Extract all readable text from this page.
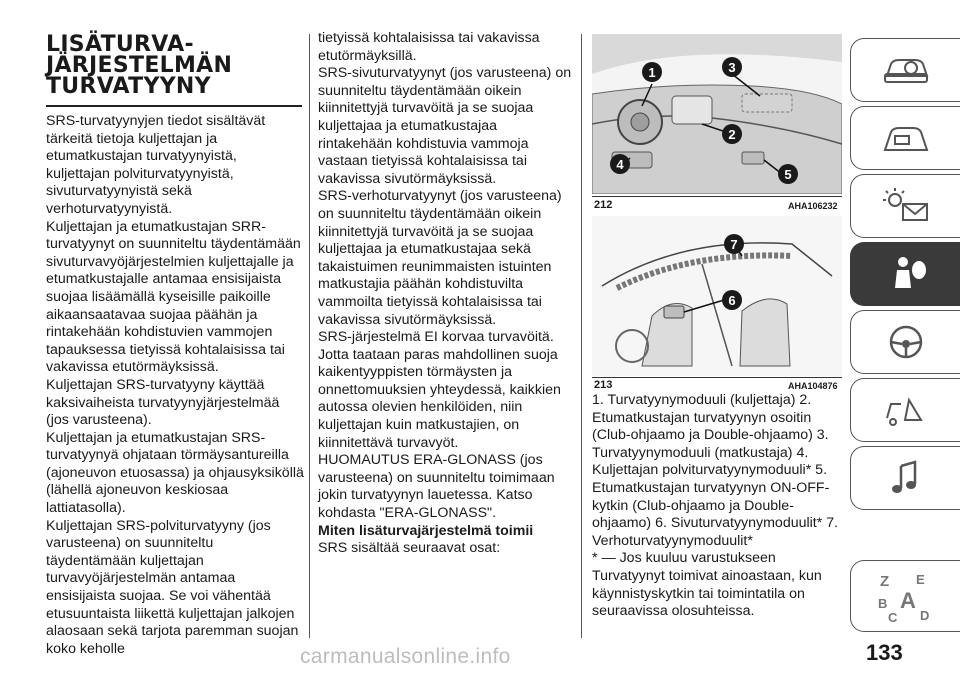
LISÄTURVA-
JÄRJESTELMÄN
TURVATYYNY

SRS-turvatyynyjen tiedot sisältävät tärkeitä tietoja kuljettajan ja etumatkustajan turvatyynyistä, kuljettajan polviturvatyynyistä, sivuturvatyynyistä sekä verhoturvatyynyistä.

Kuljettajan ja etumatkustajan SRR-turvatyynyt on suunniteltu täydentämään sivuturvavyöjärjestelmien kuljettajalle ja etumatkustajalle antamaa ensisijaista suojaa lisäämällä kyseisille paikoille aikaansaatavaa suojaa päähän ja rintakehään kohdistuvien vammojen tapauksessa tietyissä kohtalaisissa tai vakavissa etutörmäyksissä.

Kuljettajan SRS-turvatyyny käyttää kaksivaiheista turvatyynyjärjestelmää (jos varusteena).

Kuljettajan ja etumatkustajan SRS-turvatyynyä ohjataan törmäysantureilla (ajoneuvon etuosassa) ja ohjausyksiköllä (lähellä ajoneuvon keskiosaa lattiatasolla).

Kuljettajan SRS-polviturvatyyny (jos varusteena) on suunniteltu täydentämään kuljettajan turvavyöjärjestelmän antamaa ensisijaista suojaa. Se voi vähentää etusuuntaista liikettä kuljettajan jalkojen alaosaan sekä tarjota paremman suojan koko keholle

tietyissä kohtalaisissa tai vakavissa etutörmäyksillä.

SRS-sivuturvatyynyt (jos varusteena) on suunniteltu täydentämään oikein kiinnitettyjä turvavöitä ja se suojaa kuljettajaa ja etumatkustajaa rintakehään kohdistuvia vammoja vastaan tietyissä kohtalaisissa tai vakavissa sivutörmäyksissä.

SRS-verhoturvatyynyt (jos varusteena) on suunniteltu täydentämään oikein kiinnitettyjä turvavöitä ja se suojaa kuljettajaa ja etumatkustajaa sekä takaistuimen reunimmaisten istuinten matkustajia päähän kohdistuvilta vammoilta tietyissä kohtalaisissa tai vakavissa sivutörmäyksissä.

SRS-järjestelmä EI korvaa turvavöitä. Jotta taataan paras mahdollinen suoja kaikentyyppisten törmäysten ja onnettomuuksien yhteydessä, kaikkien autossa olevien henkilöiden, niin kuljettajan kuin matkustajien, on kiinnitettävä turvavyöt.

HUOMAUTUS ERA-GLONASS (jos varusteena) on suunniteltu toimimaan jokin turvatyynyn lauetessa. Katso kohdasta "ERA-GLONASS".

Miten lisäturvajärjestelmä toimii

SRS sisältää seuraavat osat:

1	3
2
4
5
212	AHA106232
7
6
213	AHA104876

1. Turvatyynymoduuli (kuljettaja) 2. Etumatkustajan turvatyynyn osoitin (Club-ohjaamo ja Double-ohjaamo) 3. Turvatyynymoduuli (matkustaja) 4. Kuljettajan polviturvatyynymoduuli* 5. Etumatkustajan turvatyynyn ON-OFF-kytkin (Club-ohjaamo ja Double-ohjaamo) 6. Sivuturvatyynymoduulit* 7. Verhoturvatyynymoduulit*

* — Jos kuuluu varustukseen

Turvatyynyt toimivat ainoastaan, kun käynnistyskytkin tai toimintatila on seuraavissa olosuhteissa.

Z E
B A
C D
133
carmanualsonline.info
